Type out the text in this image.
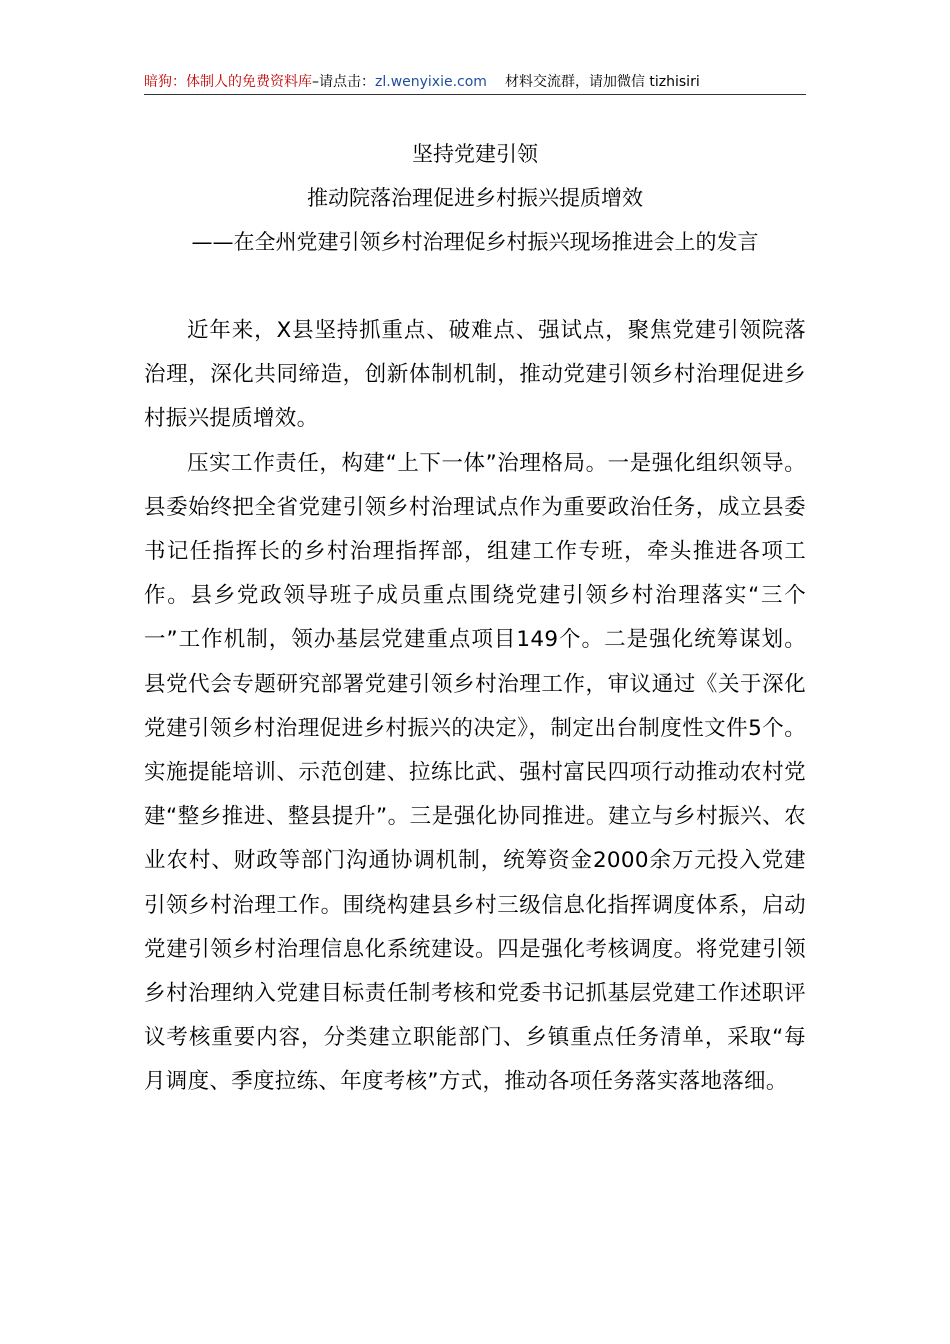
暗狗：体制人的免费资料库–请点击：zl.wenyixie.com 材料交流群，请加微信 tizhisiri
坚持党建引领
推动院落治理促进乡村振兴提质增效
——在全州党建引领乡村治理促乡村振兴现场推进会上的发言

近年来，X县坚持抓重点、破难点、强试点，聚焦党建引领院落治理，深化共同缔造，创新体制机制，推动党建引领乡村治理促进乡村振兴提质增效。

压实工作责任，构建“上下一体”治理格局。一是强化组织领导。县委始终把全省党建引领乡村治理试点作为重要政治任务，成立县委书记任指挥长的乡村治理指挥部，组建工作专班，牵头推进各项工作。县乡党政领导班子成员重点围绕党建引领乡村治理落实“三个一”工作机制，领办基层党建重点项目149个。二是强化统筹谋划。县党代会专题研究部署党建引领乡村治理工作，审议通过《关于深化党建引领乡村治理促进乡村振兴的决定》，制定出台制度性文件5个。实施提能培训、示范创建、拉练比武、强村富民四项行动推动农村党建“整乡推进、整县提升”。三是强化协同推进。建立与乡村振兴、农业农村、财政等部门沟通协调机制，统筹资金2000余万元投入党建引领乡村治理工作。围绕构建县乡村三级信息化指挥调度体系，启动党建引领乡村治理信息化系统建设。四是强化考核调度。将党建引领乡村治理纳入党建目标责任制考核和党委书记抓基层党建工作述职评议考核重要内容，分类建立职能部门、乡镇重点任务清单，采取“每月调度、季度拉练、年度考核”方式，推动各项任务落实落地落细。
